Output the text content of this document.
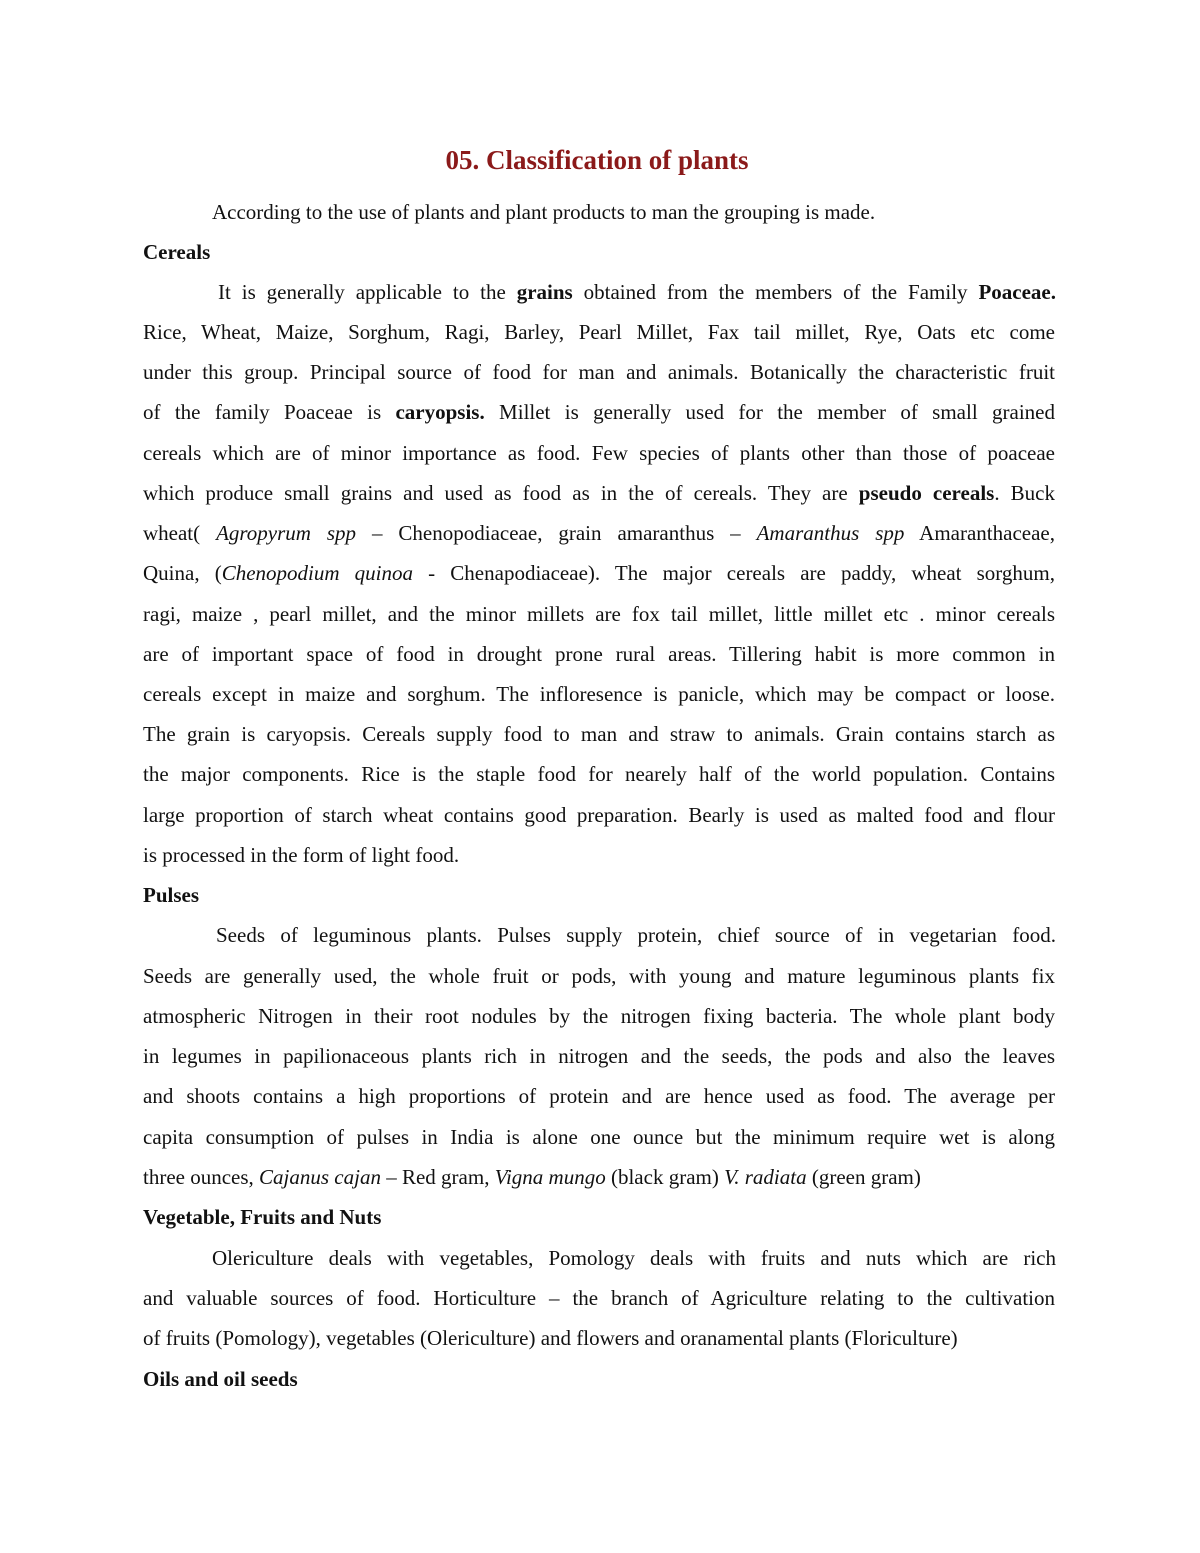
05. Classification of plants
According to the use of plants and plant products to man the grouping is made.
Cereals
It is generally applicable to the grains obtained from the members of the Family Poaceae.
Rice, Wheat, Maize, Sorghum, Ragi, Barley, Pearl Millet, Fax tail millet, Rye, Oats etc come
under this group. Principal source of food for man and animals. Botanically the characteristic fruit
of the family Poaceae is caryopsis. Millet is generally used for the member of small grained
cereals which are of minor importance as food. Few species of plants other than those of poaceae
which produce small grains and used as food as in the of cereals. They are pseudo cereals. Buck
wheat( Agropyrum spp – Chenopodiaceae, grain amaranthus – Amaranthus spp Amaranthaceae,
Quina, (Chenopodium quinoa - Chenapodiaceae). The major cereals are paddy, wheat sorghum,
ragi, maize , pearl millet, and the minor millets are fox tail millet, little millet etc . minor cereals
are of important space of food in drought prone rural areas. Tillering habit is more common in
cereals except in maize and sorghum. The infloresence is panicle, which may be compact or loose.
The grain is caryopsis. Cereals supply food to man and straw to animals. Grain contains starch as
the major components. Rice is the staple food for nearely half of the world population. Contains
large proportion of starch wheat contains good preparation. Bearly is used as malted food and flour
is processed in the form of light food.
Pulses
Seeds of leguminous plants. Pulses supply protein, chief source of in vegetarian food.
Seeds are generally used, the whole fruit or pods, with young and mature leguminous plants fix
atmospheric Nitrogen in their root nodules by the nitrogen fixing bacteria. The whole plant body
in legumes in papilionaceous plants rich in nitrogen and the seeds, the pods and also the leaves
and shoots contains a high proportions of protein and are hence used as food. The average per
capita consumption of pulses in India is alone one ounce but the minimum require wet is along
three ounces, Cajanus cajan – Red gram, Vigna mungo (black gram) V. radiata (green gram)
Vegetable, Fruits and Nuts
Olericulture deals with vegetables, Pomology deals with fruits and nuts which are rich
and valuable sources of food. Horticulture – the branch of Agriculture relating to the cultivation
of fruits (Pomology), vegetables (Olericulture) and flowers and oranamental plants (Floriculture)
Oils and oil seeds
